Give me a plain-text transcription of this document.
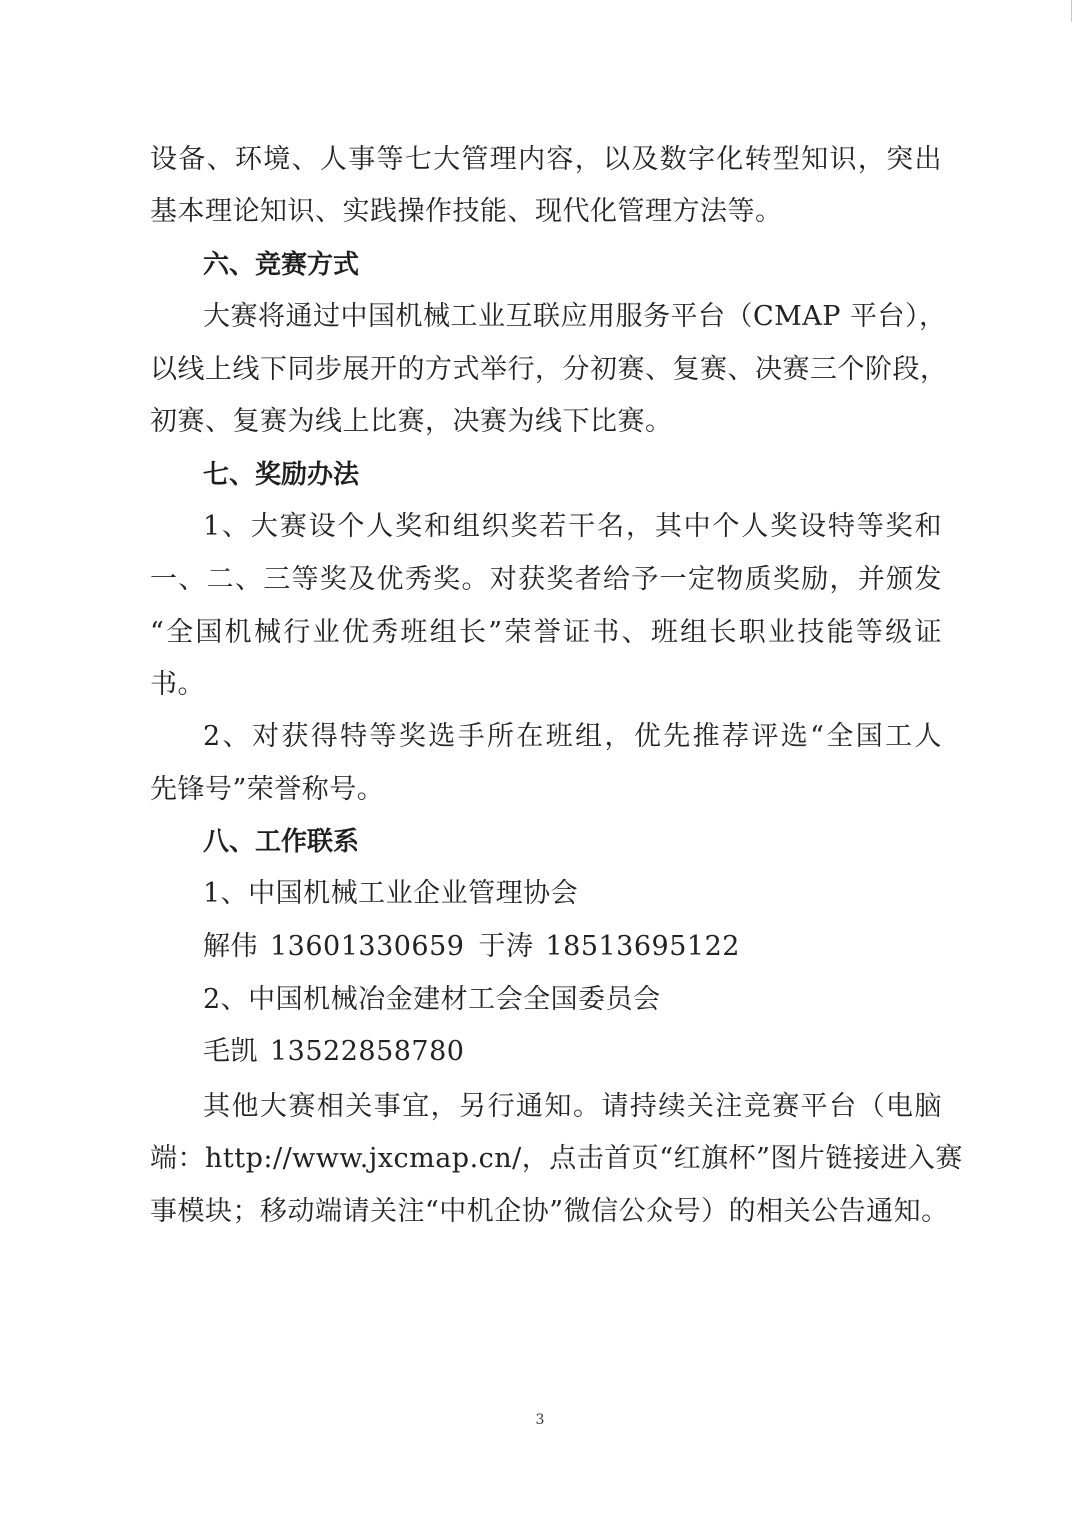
设备、环境、人事等七大管理内容，以及数字化转型知识，突出
基本理论知识、实践操作技能、现代化管理方法等。
六、竞赛方式
大赛将通过中国机械工业互联应用服务平台（CMAP 平台），
以线上线下同步展开的方式举行，分初赛、复赛、决赛三个阶段，
初赛、复赛为线上比赛，决赛为线下比赛。
七、奖励办法
1、大赛设个人奖和组织奖若干名，其中个人奖设特等奖和
一、二、三等奖及优秀奖。对获奖者给予一定物质奖励，并颁发
“全国机械行业优秀班组长”荣誉证书、班组长职业技能等级证
书。
2、对获得特等奖选手所在班组，优先推荐评选“全国工人
先锋号”荣誉称号。
八、工作联系
1、中国机械工业企业管理协会
解伟 13601330659 于涛 18513695122
2、中国机械冶金建材工会全国委员会
毛凯 13522858780
其他大赛相关事宜，另行通知。请持续关注竞赛平台（电脑
端：http://www.jxcmap.cn/，点击首页“红旗杯”图片链接进入赛
事模块；移动端请关注“中机企协”微信公众号）的相关公告通知。
3
